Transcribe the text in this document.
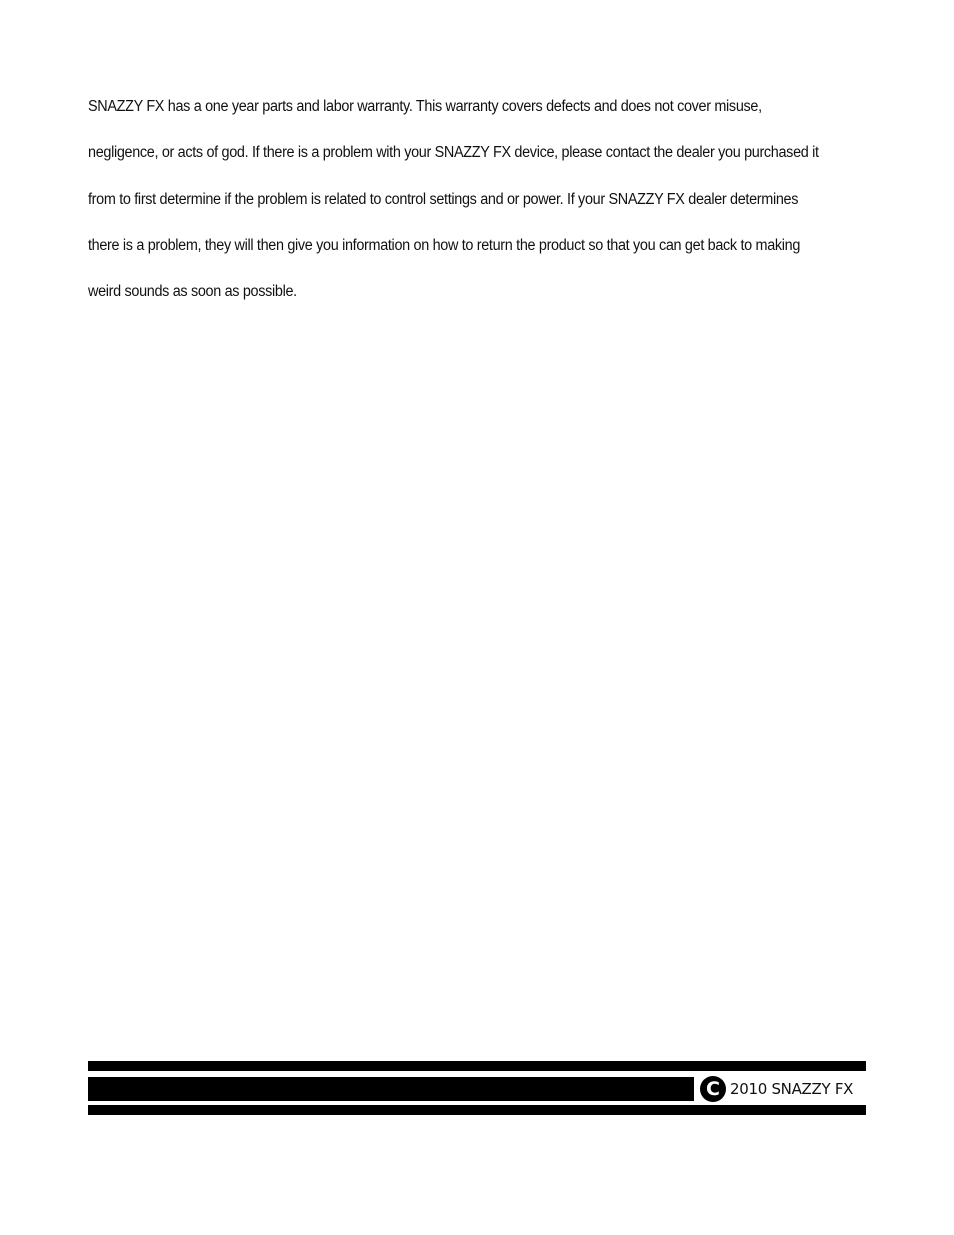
SNAZZY FX has a one year parts and labor warranty. This warranty covers defects and does not cover misuse, negligence, or acts of god. If there is a problem with your SNAZZY FX device, please contact the dealer you purchased it from to first determine if the problem is related to control settings and or power. If your SNAZZY FX dealer determines there is a problem, they will then give you information on how to return the product so that you can get back to making weird sounds as soon as possible.

C 2010 SNAZZY FX
